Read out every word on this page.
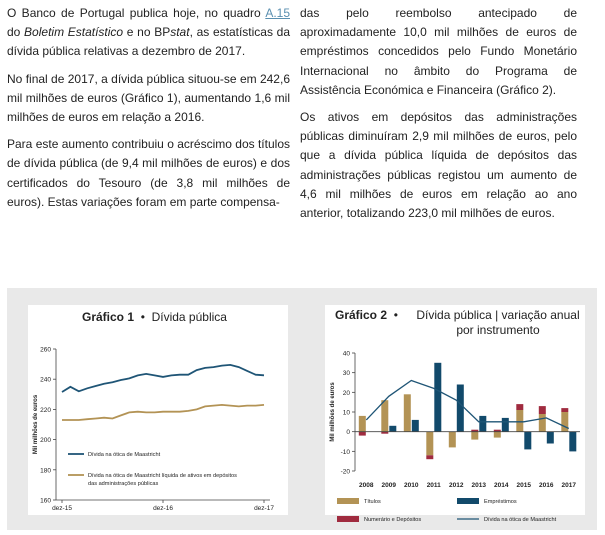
O Banco de Portugal publica hoje, no quadro A.15 do Boletim Estatístico e no BPstat, as estatísticas da dívida pública relativas a dezembro de 2017.

No final de 2017, a dívida pública situou-se em 242,6 mil milhões de euros (Gráfico 1), aumentando 1,6 mil milhões de euros em relação a 2016.

Para este aumento contribuiu o acréscimo dos títulos de dívida pública (de 9,4 mil milhões de euros) e dos certificados do Tesouro (de 3,8 mil milhões de euros). Estas variações foram em parte compensa-

das pelo reembolso antecipado de aproximadamente 10,0 mil milhões de euros de empréstimos concedidos pelo Fundo Monetário Internacional no âmbito do Programa de Assistência Económica e Financeira (Gráfico 2).

Os ativos em depósitos das administrações públicas diminuíram 2,9 mil milhões de euros, pelo que a dívida pública líquida de depósitos das administrações públicas registou um aumento de 4,6 mil milhões de euros em relação ao ano anterior, totalizando 223,0 mil milhões de euros.

Gráfico 1  •  Dívida pública
160
180
200
220
240
260
dez-15	dez-16	dez-17
Mil milhões de euros
Dívida na ótica de Maastricht
Dívida na ótica de Maastricht líquida de ativos em depósitos
das administrações públicas
Gráfico 2  • Dívida pública | variação anual por instrumento
-20
-10
0
10
20
30
40
Mil milhões de euros
2008 2009 2010 2011 2012 2013 2014 2015 2016 2017
Títulos	Empréstimos
Numerário e Depósitos	Dívida na ótica de Maastricht
